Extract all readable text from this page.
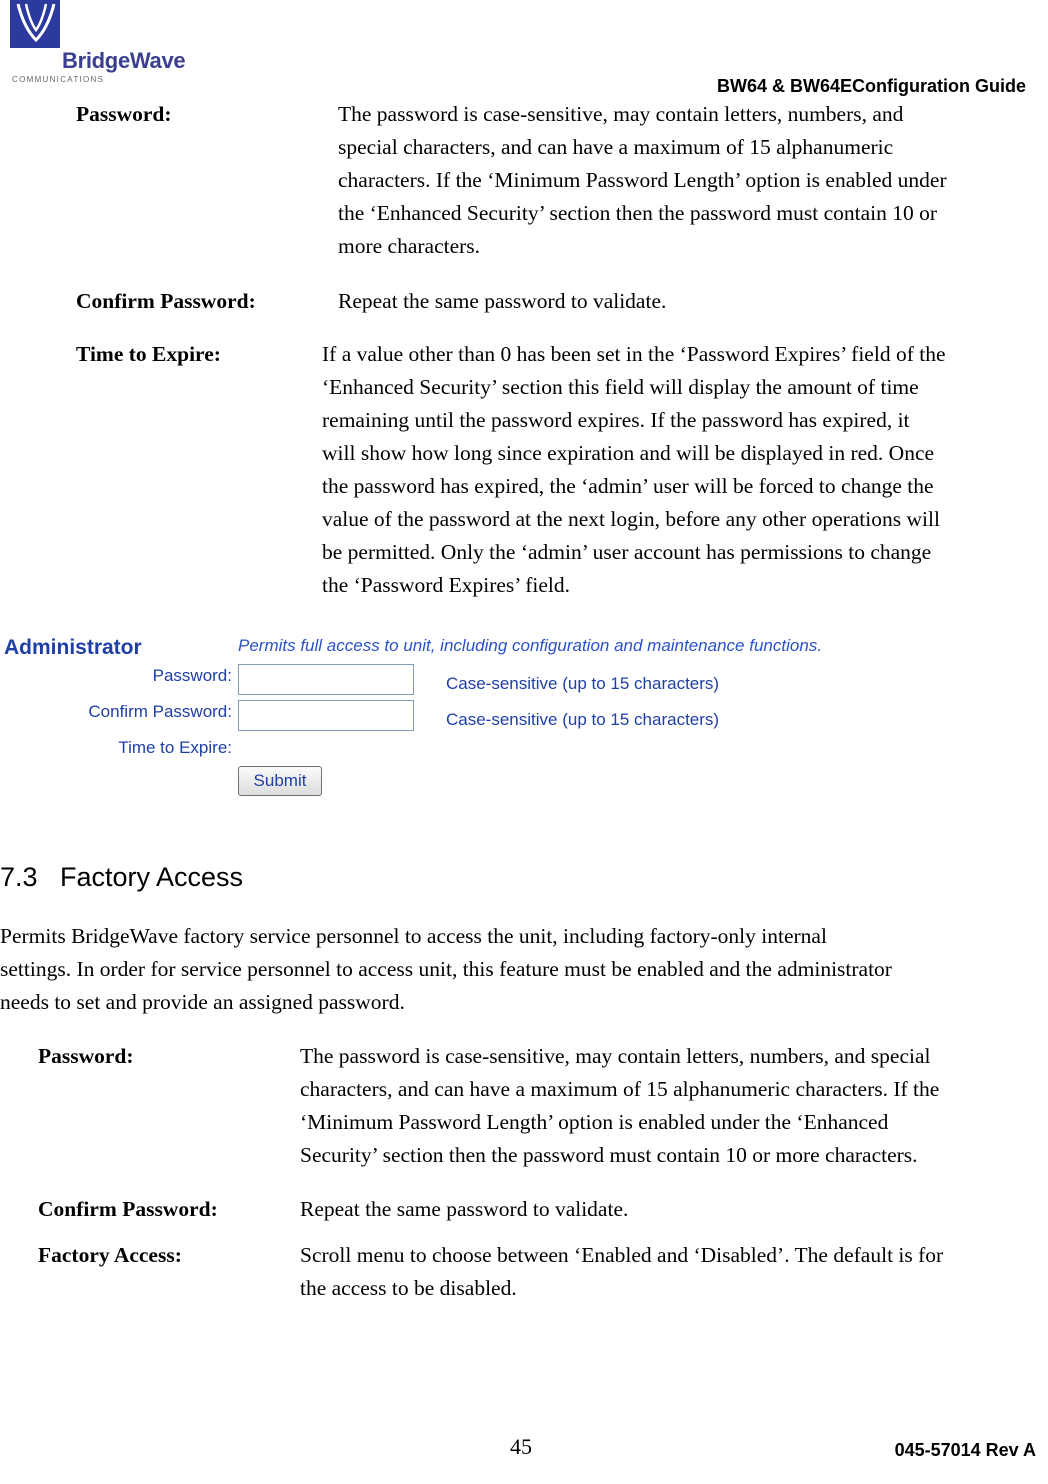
BridgeWave
COMMUNICATIONS	BW64 & BW64EConfiguration Guide
Password:	The password is case-sensitive, may contain letters, numbers, and
special characters, and can have a maximum of 15 alphanumeric
characters. If the ‘Minimum Password Length’ option is enabled under
the ‘Enhanced Security’ section then the password must contain 10 or
more characters.
Confirm Password:	Repeat the same password to validate.
Time to Expire:	If a value other than 0 has been set in the ‘Password Expires’ field of the
‘Enhanced Security’ section this field will display the amount of time
remaining until the password expires. If the password has expired, it
will show how long since expiration and will be displayed in red. Once
the password has expired, the ‘admin’ user will be forced to change the
value of the password at the next login, before any other operations will
be permitted. Only the ‘admin’ user account has permissions to change
the ‘Password Expires’ field.
Administrator	Permits full access to unit, including configuration and maintenance functions.
Password:	Case-sensitive (up to 15 characters)
Confirm Password:	Case-sensitive (up to 15 characters)
Time to Expire:
Submit
7.3 Factory Access
Permits BridgeWave factory service personnel to access the unit, including factory-only internal
settings. In order for service personnel to access unit, this feature must be enabled and the administrator
needs to set and provide an assigned password.
Password:	The password is case-sensitive, may contain letters, numbers, and special
characters, and can have a maximum of 15 alphanumeric characters. If the
‘Minimum Password Length’ option is enabled under the ‘Enhanced
Security’ section then the password must contain 10 or more characters.
Confirm Password:	Repeat the same password to validate.
Factory Access:	Scroll menu to choose between ‘Enabled and ‘Disabled’. The default is for
the access to be disabled.
45	045-57014 Rev A
